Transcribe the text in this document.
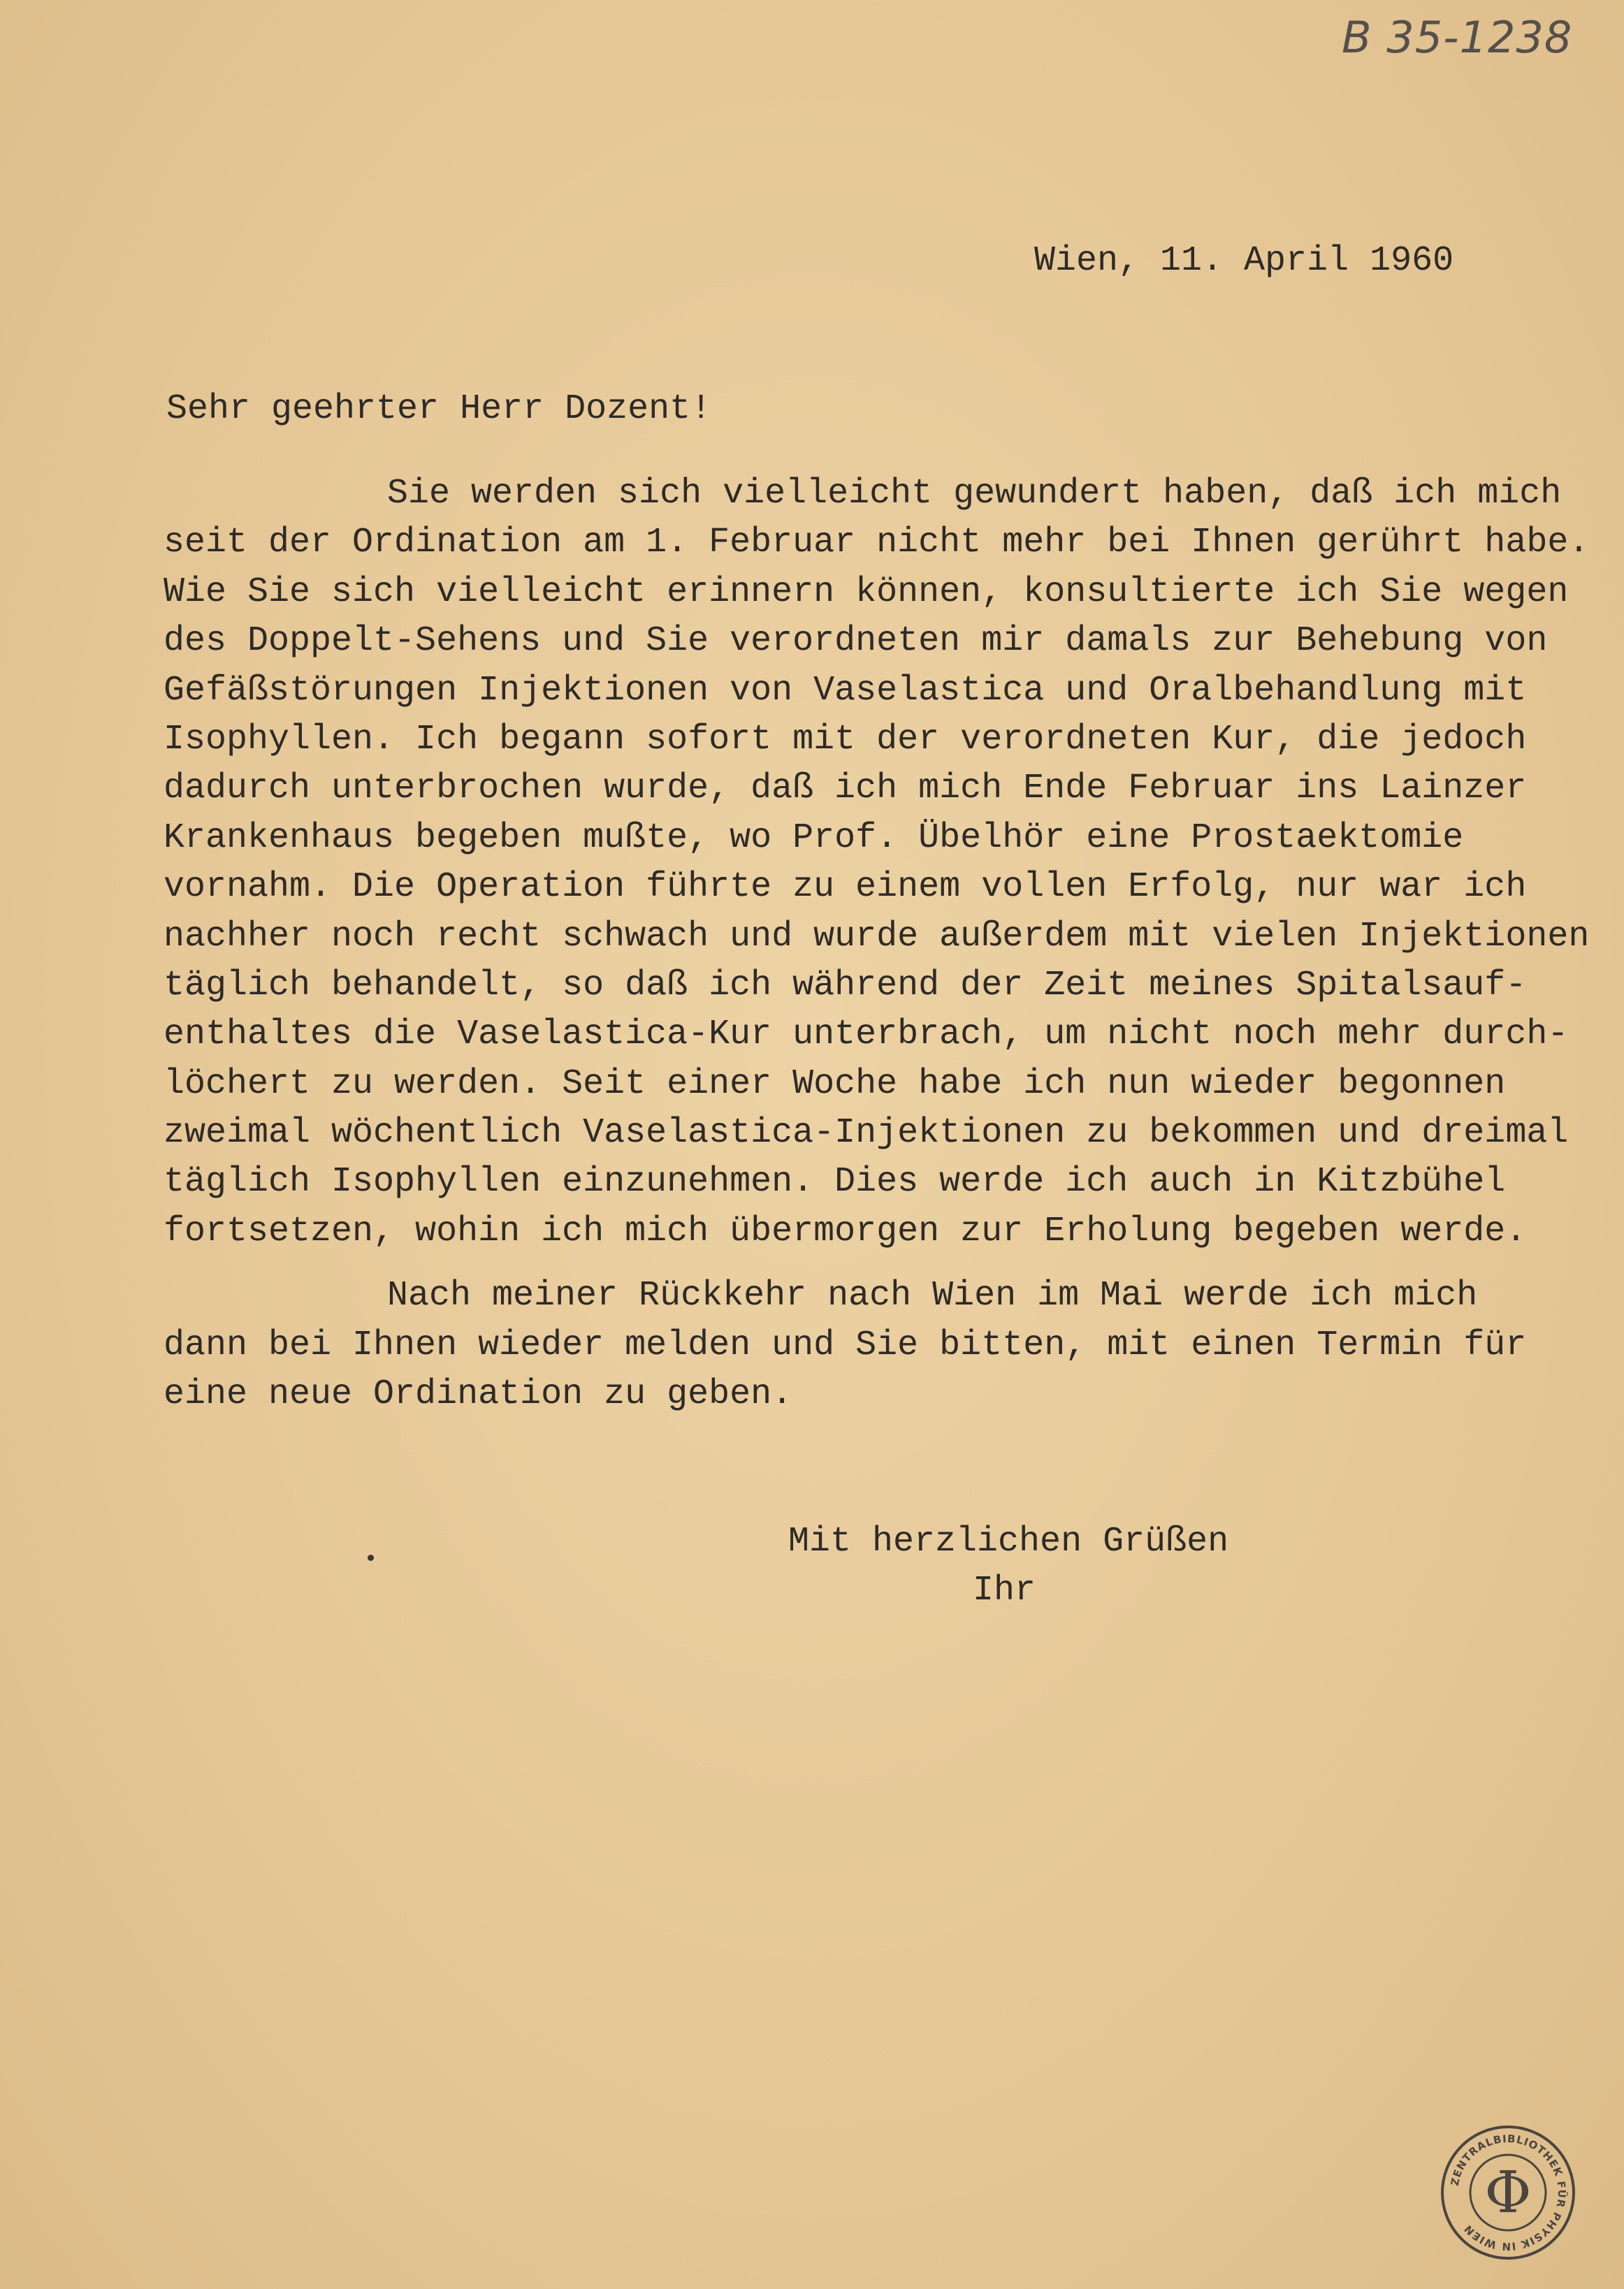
B 35-1238
Wien, 11. April 1960
Sehr geehrter Herr Dozent!
Sie werden sich vielleicht gewundert haben, daß ich mich
seit der Ordination am 1. Februar nicht mehr bei Ihnen gerührt habe.
Wie Sie sich vielleicht erinnern können, konsultierte ich Sie wegen
des Doppelt-Sehens und Sie verordneten mir damals zur Behebung von
Gefäßstörungen Injektionen von Vaselastica und Oralbehandlung mit
Isophyllen. Ich begann sofort mit der verordneten Kur, die jedoch
dadurch unterbrochen wurde, daß ich mich Ende Februar ins Lainzer
Krankenhaus begeben mußte, wo Prof. Übelhör eine Prostaektomie
vornahm. Die Operation führte zu einem vollen Erfolg, nur war ich
nachher noch recht schwach und wurde außerdem mit vielen Injektionen
täglich behandelt, so daß ich während der Zeit meines Spitalsauf-
enthaltes die Vaselastica-Kur unterbrach, um nicht noch mehr durch-
löchert zu werden. Seit einer Woche habe ich nun wieder begonnen
zweimal wöchentlich Vaselastica-Injektionen zu bekommen und dreimal
täglich Isophyllen einzunehmen. Dies werde ich auch in Kitzbühel
fortsetzen, wohin ich mich übermorgen zur Erholung begeben werde.
Nach meiner Rückkehr nach Wien im Mai werde ich mich
dann bei Ihnen wieder melden und Sie bitten, mit einen Termin für
eine neue Ordination zu geben.
Mit herzlichen Grüßen
Ihr
ZENTRALBIBLIOTHEK FÜR PHYSIK IN WIEN
Φ
